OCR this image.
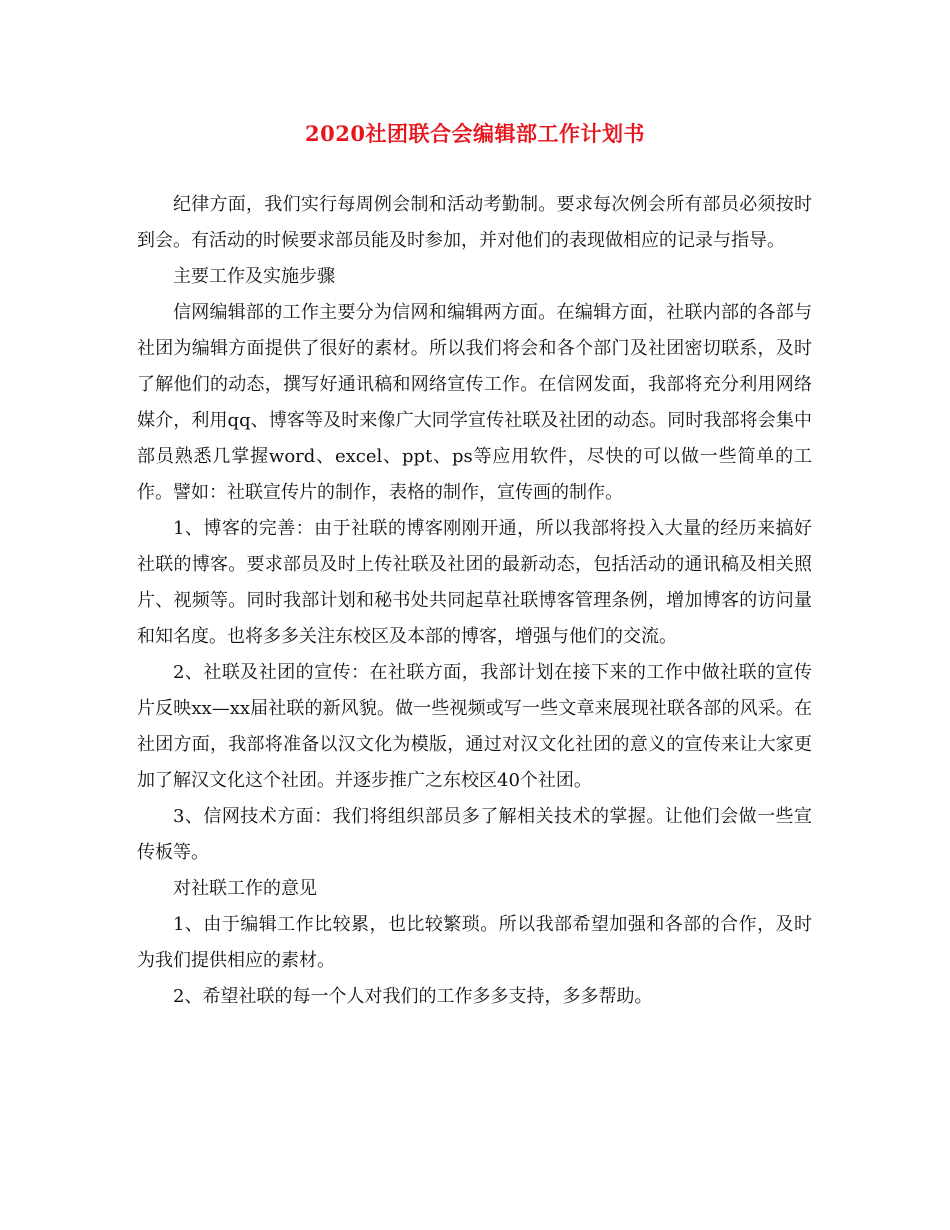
2020社团联合会编辑部工作计划书

纪律方面，我们实行每周例会制和活动考勤制。要求每次例会所有部员必须按时到会。有活动的时候要求部员能及时参加，并对他们的表现做相应的记录与指导。

主要工作及实施步骤

信网编辑部的工作主要分为信网和编辑两方面。在编辑方面，社联内部的各部与社团为编辑方面提供了很好的素材。所以我们将会和各个部门及社团密切联系，及时了解他们的动态，撰写好通讯稿和网络宣传工作。在信网发面，我部将充分利用网络媒介，利用qq、博客等及时来像广大同学宣传社联及社团的动态。同时我部将会集中部员熟悉几掌握word、excel、ppt、ps等应用软件，尽快的可以做一些简单的工作。譬如：社联宣传片的制作，表格的制作，宣传画的制作。

1、博客的完善：由于社联的博客刚刚开通，所以我部将投入大量的经历来搞好社联的博客。要求部员及时上传社联及社团的最新动态，包括活动的通讯稿及相关照片、视频等。同时我部计划和秘书处共同起草社联博客管理条例，增加博客的访问量和知名度。也将多多关注东校区及本部的博客，增强与他们的交流。

2、社联及社团的宣传：在社联方面，我部计划在接下来的工作中做社联的宣传片反映xx—xx届社联的新风貌。做一些视频或写一些文章来展现社联各部的风采。在社团方面，我部将准备以汉文化为模版，通过对汉文化社团的意义的宣传来让大家更加了解汉文化这个社团。并逐步推广之东校区40个社团。

3、信网技术方面：我们将组织部员多了解相关技术的掌握。让他们会做一些宣传板等。

对社联工作的意见

1、由于编辑工作比较累，也比较繁琐。所以我部希望加强和各部的合作，及时为我们提供相应的素材。

2、希望社联的每一个人对我们的工作多多支持，多多帮助。
